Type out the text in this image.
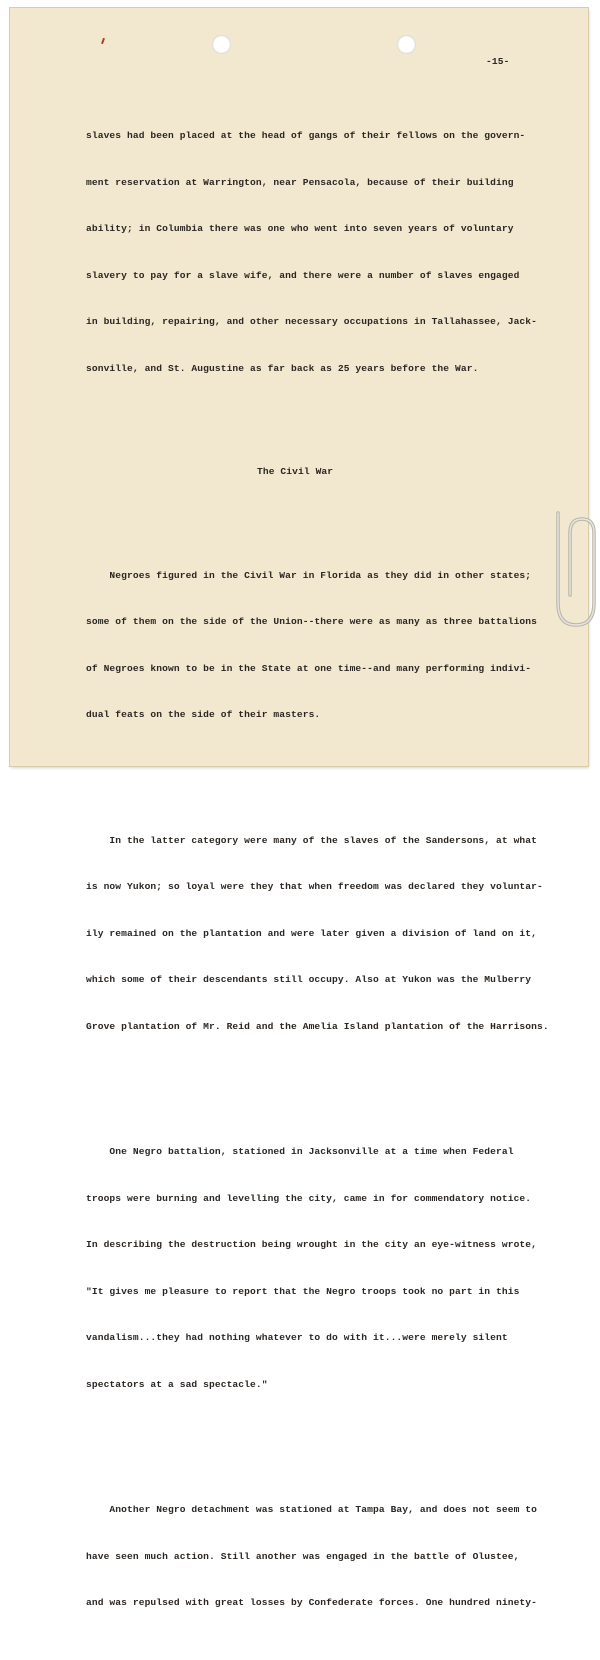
-15-

slaves had been placed at the head of gangs of their fellows on the govern-

ment reservation at Warrington, near Pensacola, because of their building

ability; in Columbia there was one who went into seven years of voluntary

slavery to pay for a slave wife, and there were a number of slaves engaged

in building, repairing, and other necessary occupations in Tallahassee, Jack-

sonville, and St. Augustine as far back as 25 years before the War.

The Civil War

Negroes figured in the Civil War in Florida as they did in other states;

some of them on the side of the Union--there were as many as three battalions

of Negroes known to be in the State at one time--and many performing indivi-

dual feats on the side of their masters.

In the latter category were many of the slaves of the Sandersons, at what

is now Yukon; so loyal were they that when freedom was declared they voluntar-

ily remained on the plantation and were later given a division of land on it,

which some of their descendants still occupy. Also at Yukon was the Mulberry

Grove plantation of Mr. Reid and the Amelia Island plantation of the Harrisons.

One Negro battalion, stationed in Jacksonville at a time when Federal

troops were burning and levelling the city, came in for commendatory notice.

In describing the destruction being wrought in the city an eye-witness wrote,

"It gives me pleasure to report that the Negro troops took no part in this

vandalism...they had nothing whatever to do with it...were merely silent

spectators at a sad spectacle."

Another Negro detachment was stationed at Tampa Bay, and does not seem to

have seen much action. Still another was engaged in the battle of Olustee,

and was repulsed with great losses by Confederate forces. One hundred ninety-
